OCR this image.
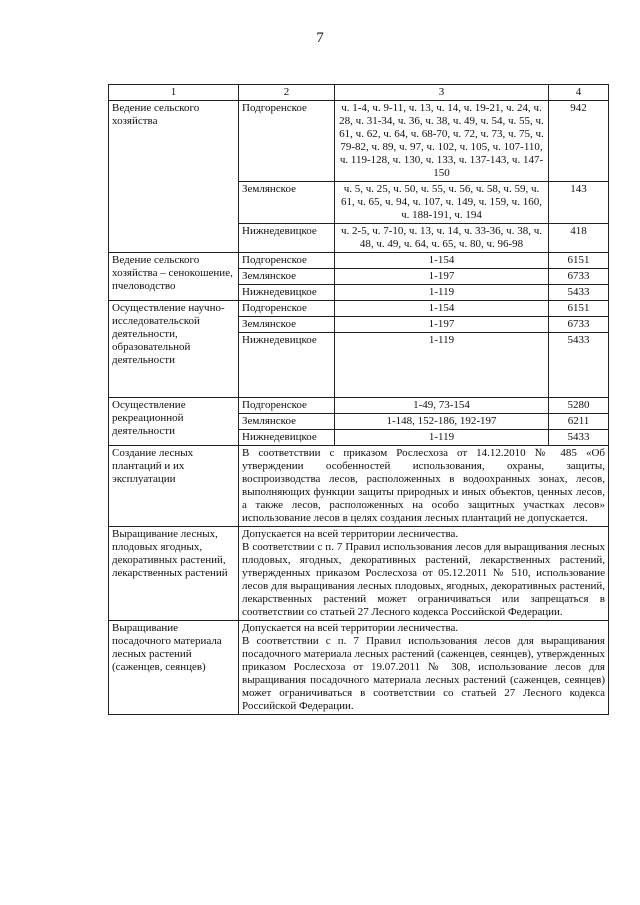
7
1	2	3	4
Ведение сельского хозяйства	Подгоренское	ч. 1-4, ч. 9-11, ч. 13, ч. 14, ч. 19-21, ч. 24, ч. 28, ч. 31-34, ч. 36, ч. 38, ч. 49, ч. 54, ч. 55, ч. 61, ч. 62, ч. 64, ч. 68-70, ч. 72, ч. 73, ч. 75, ч. 79-82, ч. 89, ч. 97, ч. 102, ч. 105, ч. 107-110, ч. 119-128, ч. 130, ч. 133, ч. 137-143, ч. 147-150	942
	Землянское	ч. 5, ч. 25, ч. 50, ч. 55, ч. 56, ч. 58, ч. 59, ч. 61, ч. 65, ч. 94, ч. 107, ч. 149, ч. 159, ч. 160, ч. 188-191, ч. 194	143
	Нижнедевицкое	ч. 2-5, ч. 7-10, ч. 13, ч. 14, ч. 33-36, ч. 38, ч. 48, ч. 49, ч. 64, ч. 65, ч. 80, ч. 96-98	418
Ведение сельского хозяйства – сенокошение, пчеловодство	Подгоренское	1-154	6151
	Землянское	1-197	6733
	Нижнедевицкое	1-119	5433
Осуществление научно-исследовательской деятельности, образовательной деятельности	Подгоренское	1-154	6151
	Землянское	1-197	6733
	Нижнедевицкое	1-119	5433
Осуществление рекреационной деятельности	Подгоренское	1-49, 73-154	5280
	Землянское	1-148, 152-186, 192-197	6211
	Нижнедевицкое	1-119	5433
Создание лесных плантаций и их эксплуатации	В соответствии с приказом Рослесхоза от 14.12.2010 № 485 «Об утверждении особенностей использования, охраны, защиты, воспроизводства лесов, расположенных в водоохранных зонах, лесов, выполняющих функции защиты природных и иных объектов, ценных лесов, а также лесов, расположенных на особо защитных участках лесов» использование лесов в целях создания лесных плантаций не допускается.		

Выращивание лесных, плодовых ягодных, декоративных растений, лекарственных растений	Допускается на всей территории лесничества.

В соответствии с п. 7 Правил использования лесов для выращивания лесных плодовых, ягодных, декоративных растений, лекарственных растений, утвержденных приказом Рослесхоза от 05.12.2011 № 510, использование лесов для выращивания лесных плодовых, ягодных, декоративных растений, лекарственных растений может ограничиваться или запрещаться в соответствии со статьей 27 Лесного кодекса Российской Федерации.		

Выращивание посадочного материала лесных растений (саженцев, сеянцев)	Допускается на всей территории лесничества.

В соответствии с п. 7 Правил использования лесов для выращивания посадочного материала лесных растений (саженцев, сеянцев), утвержденных приказом Рослесхоза от 19.07.2011 № 308, использование лесов для выращивания посадочного материала лесных растений (саженцев, сеянцев) может ограничиваться в соответствии со статьей 27 Лесного кодекса Российской Федерации.		
